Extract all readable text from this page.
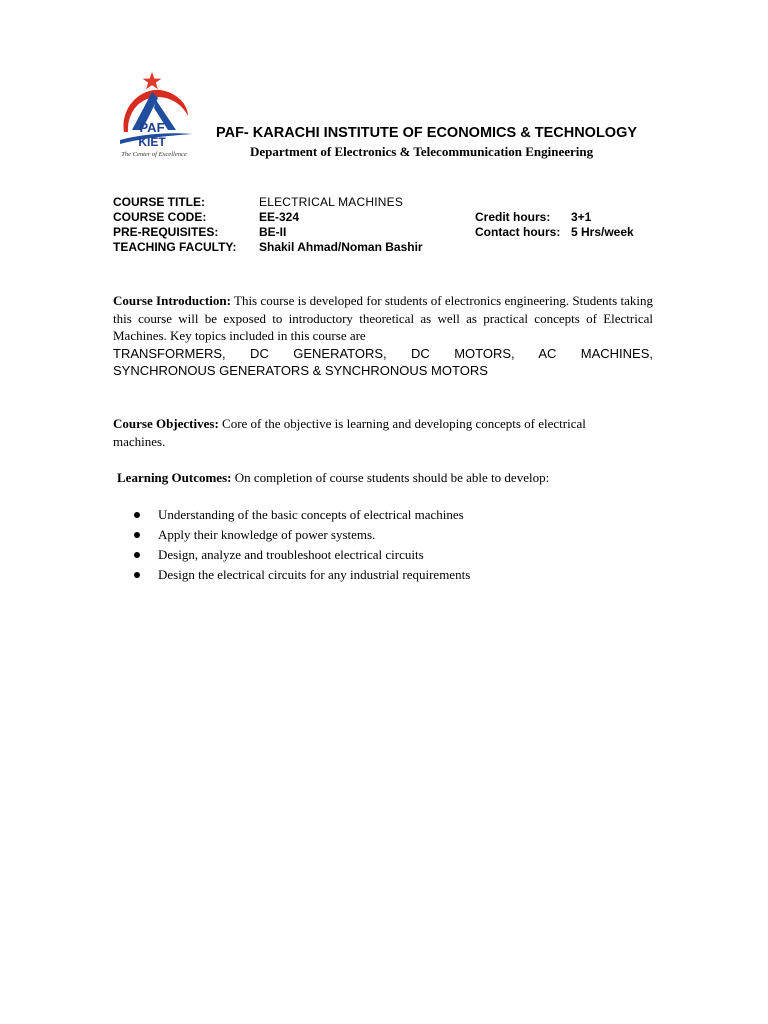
PAF
KIET
The Center of Excellence
PAF- KARACHI INSTITUTE OF ECONOMICS & TECHNOLOGY
Department of Electronics & Telecommunication Engineering
COURSE TITLE:	ELECTRICAL MACHINES
COURSE CODE:	EE-324	Credit hours: 3+1
PRE-REQUISITES:	BE-II	Contact hours: 5 Hrs/week
TEACHING FACULTY: Shakil Ahmad/Noman Bashir
Course Introduction: This course is developed for students of electronics engineering. Students taking this course will be exposed to introductory theoretical as well as practical concepts of Electrical Machines. Key topics included in this course are
TRANSFORMERS, DC GENERATORS, DC MOTORS, AC MACHINES,
SYNCHRONOUS GENERATORS & SYNCHRONOUS MOTORS
Course Objectives: Core of the objective is learning and developing concepts of electrical machines.
Learning Outcomes: On completion of course students should be able to develop:
Understanding of the basic concepts of electrical machines
Apply their knowledge of power systems.
Design, analyze and troubleshoot electrical circuits
Design the electrical circuits for any industrial requirements
